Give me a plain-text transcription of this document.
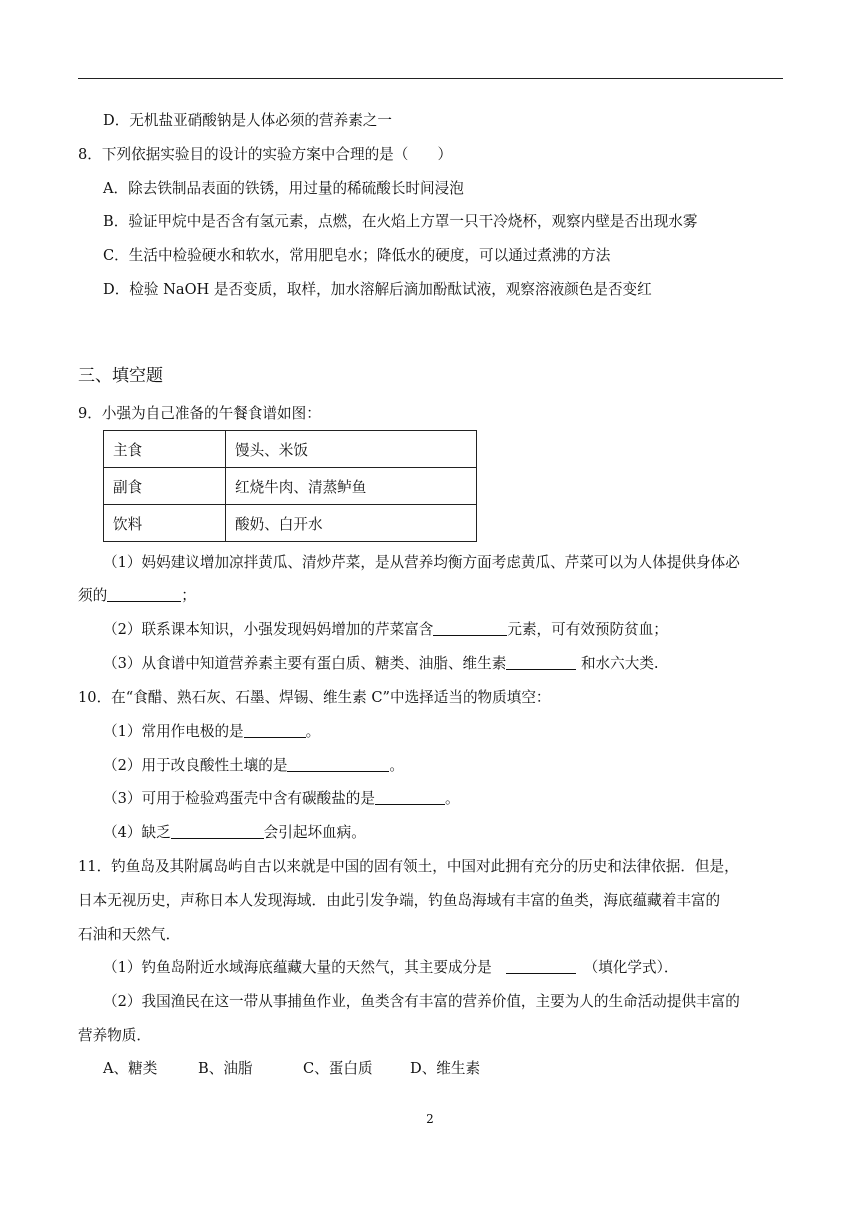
D．无机盐亚硝酸钠是人体必须的营养素之一
8．下列依据实验目的设计的实验方案中合理的是（　　）
A．除去铁制品表面的铁锈，用过量的稀硫酸长时间浸泡
B．验证甲烷中是否含有氢元素，点燃，在火焰上方罩一只干冷烧杯，观察内壁是否出现水雾
C．生活中检验硬水和软水，常用肥皂水；降低水的硬度，可以通过煮沸的方法
D．检验 NaOH 是否变质，取样，加水溶解后滴加酚酞试液，观察溶液颜色是否变红
三、填空题
9．小强为自己准备的午餐食谱如图：
主食	馒头、米饭
副食	红烧牛肉、清蒸鲈鱼
饮料	酸奶、白开水
（1）妈妈建议增加凉拌黄瓜、清炒芹菜，是从营养均衡方面考虑黄瓜、芹菜可以为人体提供身体必
须的	；
（2）联系课本知识，小强发现妈妈增加的芹菜富含	元素，可有效预防贫血；
（3）从食谱中知道营养素主要有蛋白质、糖类、油脂、维生素	和水六大类.
10．在“食醋、熟石灰、石墨、焊锡、维生素 C”中选择适当的物质填空：
（1）常用作电极的是	。
（2）用于改良酸性土壤的是	。
（3）可用于检验鸡蛋壳中含有碳酸盐的是	。
（4）缺乏	会引起坏血病。
11．钓鱼岛及其附属岛屿自古以来就是中国的固有领土，中国对此拥有充分的历史和法律依据．但是，
日本无视历史，声称日本人发现海域．由此引发争端，钓鱼岛海域有丰富的鱼类，海底蕴藏着丰富的
石油和天然气．
（1）钓鱼岛附近水域海底蕴藏大量的天然气，其主要成分是　	　（填化学式）．
（2）我国渔民在这一带从事捕鱼作业，鱼类含有丰富的营养价值，主要为人的生命活动提供丰富的
营养物质．
A、糖类	B、油脂	C、蛋白质	D、维生素
2
